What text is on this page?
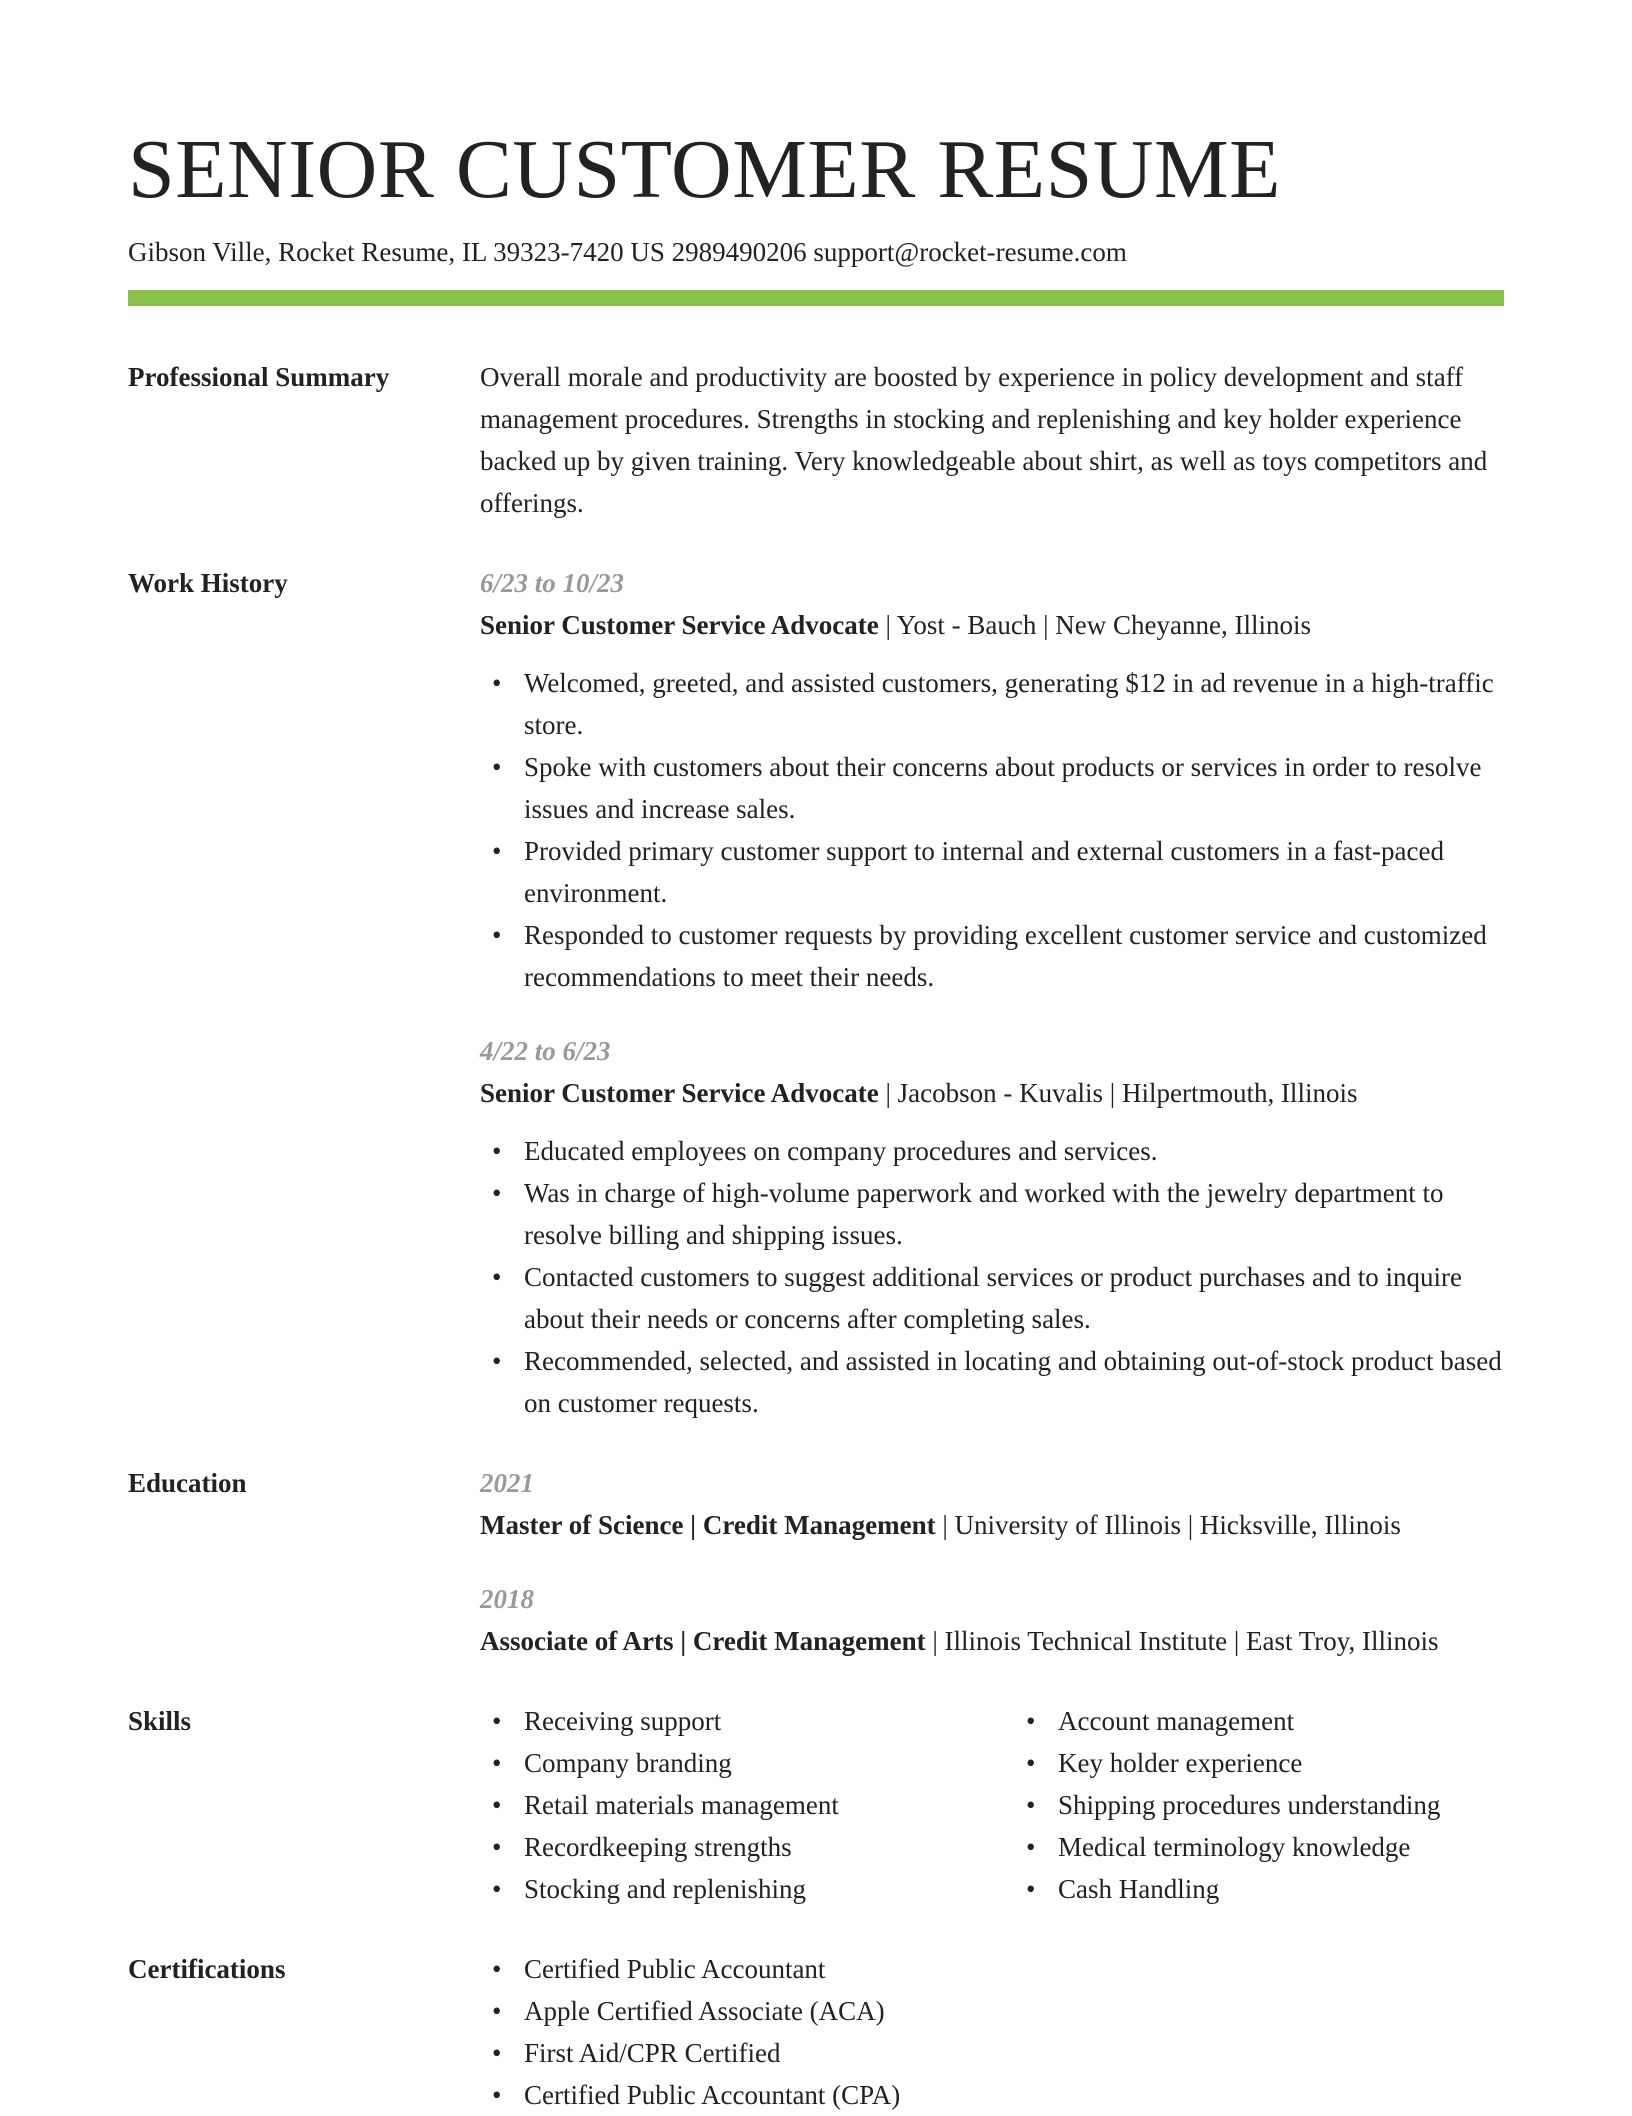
SENIOR CUSTOMER RESUME
Gibson Ville, Rocket Resume, IL 39323-7420 US 2989490206 support@rocket-resume.com
Professional Summary	Overall morale and productivity are boosted by experience in policy development and staff management procedures. Strengths in stocking and replenishing and key holder experience backed up by given training. Very knowledgeable about shirt, as well as toys competitors and offerings.
Work History	6/23 to 10/23
Senior Customer Service Advocate | Yost - Bauch | New Cheyanne, Illinois
• Welcomed, greeted, and assisted customers, generating $12 in ad revenue in a high-traffic store.
• Spoke with customers about their concerns about products or services in order to resolve issues and increase sales.
• Provided primary customer support to internal and external customers in a fast-paced environment.
• Responded to customer requests by providing excellent customer service and customized recommendations to meet their needs.
4/22 to 6/23
Senior Customer Service Advocate | Jacobson - Kuvalis | Hilpertmouth, Illinois
• Educated employees on company procedures and services.
• Was in charge of high-volume paperwork and worked with the jewelry department to resolve billing and shipping issues.
• Contacted customers to suggest additional services or product purchases and to inquire about their needs or concerns after completing sales.
• Recommended, selected, and assisted in locating and obtaining out-of-stock product based on customer requests.
Education	2021
Master of Science | Credit Management | University of Illinois | Hicksville, Illinois
2018
Associate of Arts | Credit Management | Illinois Technical Institute | East Troy, Illinois
Skills	• Receiving support
• Company branding
• Retail materials management
• Recordkeeping strengths
• Stocking and replenishing
• Account management
• Key holder experience
• Shipping procedures understanding
• Medical terminology knowledge
• Cash Handling
Certifications	• Certified Public Accountant
• Apple Certified Associate (ACA)
• First Aid/CPR Certified
• Certified Public Accountant (CPA)
